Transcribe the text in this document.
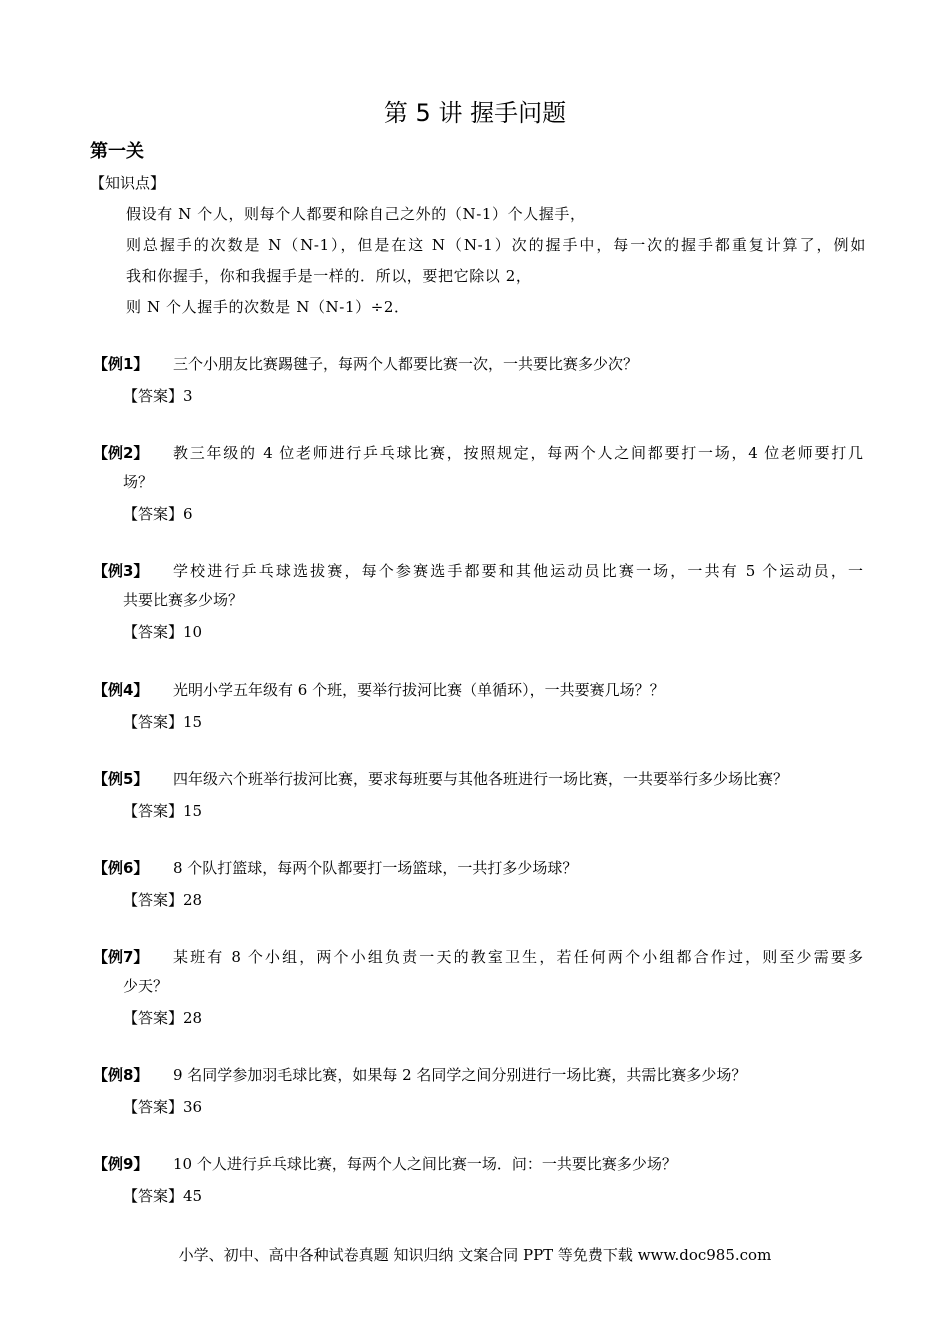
第 5 讲 握手问题
第一关
【知识点】
假设有 N 个人，则每个人都要和除自己之外的（N-1）个人握手，
则总握手的次数是 N（N-1），但是在这 N（N-1）次的握手中，每一次的握手都重复计算了，例如
我和你握手，你和我握手是一样的．所以，要把它除以 2，
则 N 个人握手的次数是 N（N-1）÷2．
【例1】	三个小朋友比赛踢毽子，每两个人都要比赛一次，一共要比赛多少次？
【答案】3
【例2】	教三年级的 4 位老师进行乒乓球比赛，按照规定，每两个人之间都要打一场，4 位老师要打几
场？
【答案】6
【例3】	学校进行乒乓球选拔赛，每个参赛选手都要和其他运动员比赛一场，一共有 5 个运动员，一
共要比赛多少场？
【答案】10
【例4】	光明小学五年级有 6 个班，要举行拔河比赛（单循环），一共要赛几场？？
【答案】15
【例5】	四年级六个班举行拔河比赛，要求每班要与其他各班进行一场比赛，一共要举行多少场比赛？
【答案】15
【例6】	8 个队打篮球，每两个队都要打一场篮球，一共打多少场球？
【答案】28
【例7】	某班有 8 个小组，两个小组负责一天的教室卫生，若任何两个小组都合作过，则至少需要多
少天？
【答案】28
【例8】	9 名同学参加羽毛球比赛，如果每 2 名同学之间分别进行一场比赛，共需比赛多少场？
【答案】36
【例9】	10 个人进行乒乓球比赛，每两个人之间比赛一场．问：一共要比赛多少场？
【答案】45
小学、初中、高中各种试卷真题 知识归纳 文案合同 PPT 等免费下载 www.doc985.com
